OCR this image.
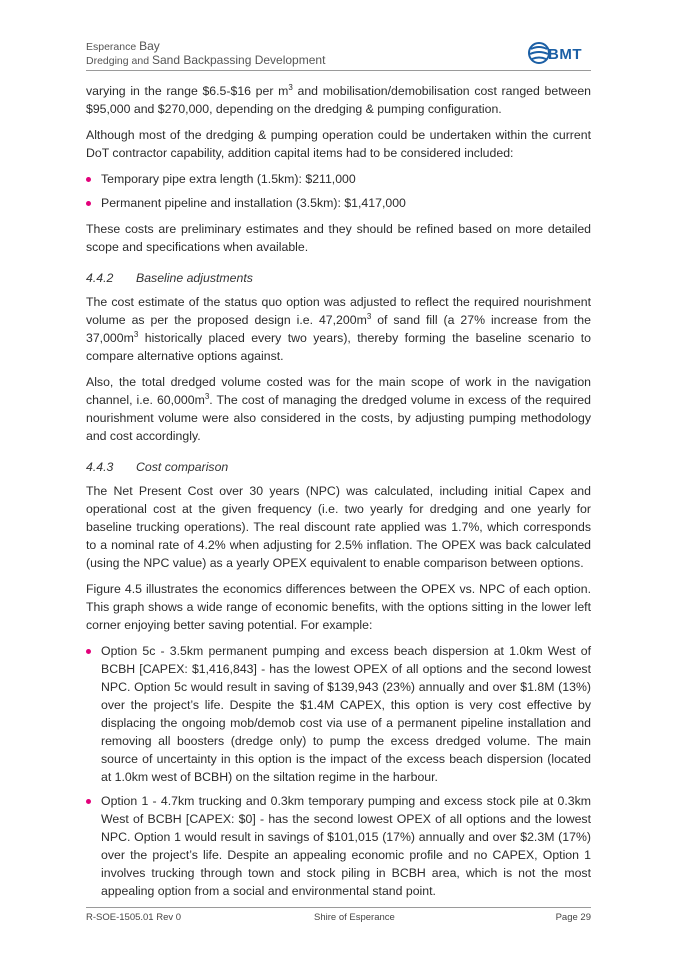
Esperance Bay
Dredging and Sand Backpassing Development	BMT

varying in the range $6.5-$16 per $m^3$ and mobilisation/demobilisation cost ranged between $95,000 and $270,000, depending on the dredging & pumping configuration.

Although most of the dredging & pumping operation could be undertaken within the current DoT contractor capability, addition capital items had to be considered included:

Temporary pipe extra length (1.5km): $211,000
Permanent pipeline and installation (3.5km): $1,417,000

These costs are preliminary estimates and they should be refined based on more detailed scope and specifications when available.

4.4.2 Baseline adjustments

The cost estimate of the status quo option was adjusted to reflect the required nourishment volume as per the proposed design i.e. $47,200m^3$ of sand fill (a 27% increase from the $37,000m^3$ historically placed every two years), thereby forming the baseline scenario to compare alternative options against.

Also, the total dredged volume costed was for the main scope of work in the navigation channel, i.e. $60,000m^3$. The cost of managing the dredged volume in excess of the required nourishment volume were also considered in the costs, by adjusting pumping methodology and cost accordingly.

4.4.3 Cost comparison

The Net Present Cost over 30 years (NPC) was calculated, including initial Capex and operational cost at the given frequency (i.e. two yearly for dredging and one yearly for baseline trucking operations). The real discount rate applied was 1.7%, which corresponds to a nominal rate of 4.2% when adjusting for 2.5% inflation. The OPEX was back calculated (using the NPC value) as a yearly OPEX equivalent to enable comparison between options.

Figure 4.5 illustrates the economics differences between the OPEX vs. NPC of each option. This graph shows a wide range of economic benefits, with the options sitting in the lower left corner enjoying better saving potential. For example:

Option 5c - 3.5km permanent pumping and excess beach dispersion at 1.0km West of BCBH [CAPEX: $1,416,843] - has the lowest OPEX of all options and the second lowest NPC. Option 5c would result in saving of $139,943 (23%) annually and over $1.8M (13%) over the project’s life. Despite the $1.4M CAPEX, this option is very cost effective by displacing the ongoing mob/demob cost via use of a permanent pipeline installation and removing all boosters (dredge only) to pump the excess dredged volume. The main source of uncertainty in this option is the impact of the excess beach dispersion (located at 1.0km west of BCBH) on the siltation regime in the harbour.
Option 1 - 4.7km trucking and 0.3km temporary pumping and excess stock pile at 0.3km West of BCBH [CAPEX: $0] - has the second lowest OPEX of all options and the lowest NPC. Option 1 would result in savings of $101,015 (17%) annually and over $2.3M (17%) over the project’s life. Despite an appealing economic profile and no CAPEX, Option 1 involves trucking through town and stock piling in BCBH area, which is not the most appealing option from a social and environmental stand point.
R-SOE-1505.01 Rev 0	Shire of Esperance	Page 29
